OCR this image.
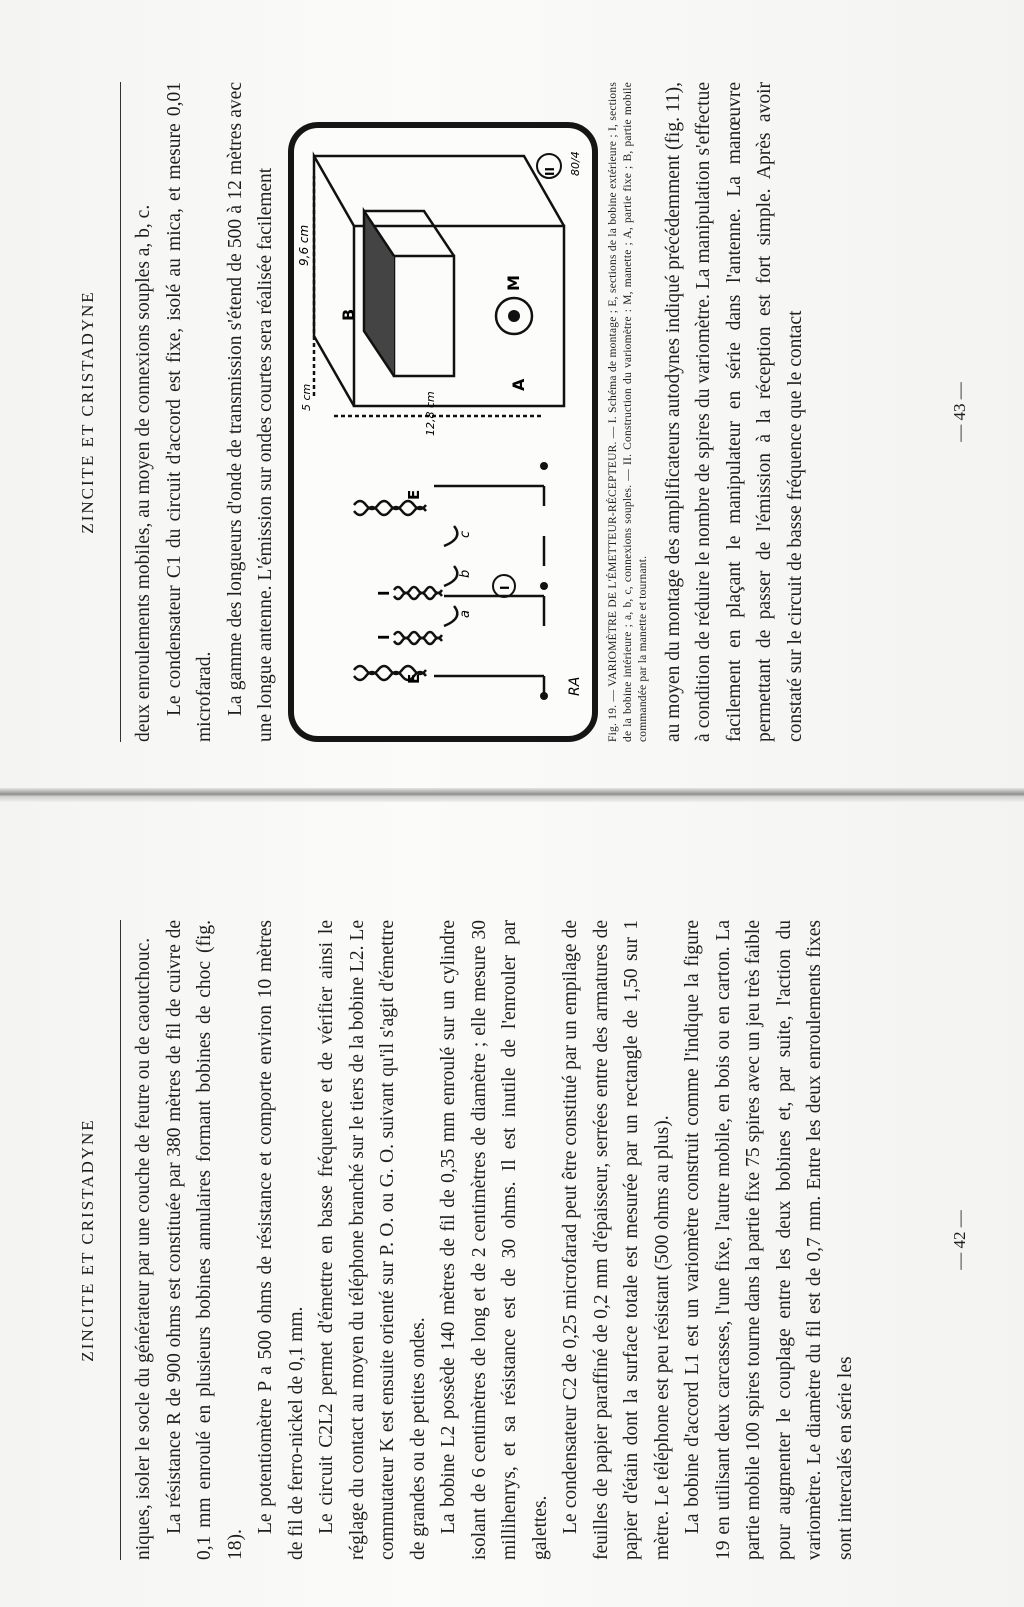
ZINCITE ET CRISTADYNE	deux enroulements mobiles, au moyen de connexions souples a, b, c. Le condensateur C1 du circuit d'accord est fixe, isolé au mica, et mesure 0,01 microfarad. La gamme des longueurs d'onde de transmission s'étend de 500 à 12 mètres avec une longue antenne. L'émission sur ondes courtes sera réalisée facilement	I
E
I
I
E
a
b
c
RA
II
A
B
M
9,6 cm
5 cm	12,8 cm
80/4 Fig. 19. — VARIOMÈTRE DE L'ÉMETTEUR-RÉCEPTEUR. — I. Schéma de montage ; E, sections de la bobine extérieure ; I, sections de la bobine intérieure ; a, b, c, connexions souples. — II. Construction du variomètre : M, manette ; A, partie fixe ; B, partie mobile commandée par la manette et tournant. au moyen du montage des amplificateurs autodynes indiqué précédemment (fig. 11), à condition de réduire le nombre de spires du variomètre. La manipulation s'effectue facilement en plaçant le manipulateur en série dans l'antenne. La manœuvre permettant de passer de l'émission à la réception est fort simple. Après avoir constaté sur le circuit de basse fréquence que le contact	— 43 —
ZINCITE ET CRISTADYNE	niques, isoler le socle du générateur par une couche de feutre ou de caoutchouc. La résistance R de 900 ohms est constituée par 380 mètres de fil de cuivre de 0,1 mm enroulé en plusieurs bobines annulaires formant bobines de choc (fig. 18).

Le potentiomètre P a 500 ohms de résistance et comporte environ 10 mètres de fil de ferro-nickel de 0,1 mm. Le circuit C2L2 permet d'émettre en basse fréquence et de vérifier ainsi le réglage du contact au moyen du téléphone branché sur le tiers de la bobine L2. Le commutateur K est ensuite orienté sur P. O. ou G. O. suivant qu'il s'agit d'émettre de grandes ou de petites ondes. La bobine L2 possède 140 mètres de fil de 0,35 mm enroulé sur un cylindre isolant de 6 centimètres de long et de 2 centimètres de diamètre ; elle mesure 30 millihenrys, et sa résistance est de 30 ohms. Il est inutile de l'enrouler par galettes. Le condensateur C2 de 0,25 microfarad peut être constitué par un empilage de feuilles de papier paraffiné de 0,2 mm d'épaisseur, serrées entre des armatures de papier d'étain dont la surface totale est mesurée par un rectangle de 1,50 sur 1 mètre. Le téléphone est peu résistant (500 ohms au plus). La bobine d'accord L1 est un variomètre construit comme l'indique la figure 19 en utilisant deux carcasses, l'une fixe, l'autre mobile, en bois ou en carton. La partie mobile 100 spires tourne dans la partie fixe 75 spires avec un jeu très faible pour augmenter le couplage entre les deux bobines et, par suite, l'action du variomètre. Le diamètre du fil est de 0,7 mm. Entre les deux enroulements fixes sont intercalés en série les

— 42 —
